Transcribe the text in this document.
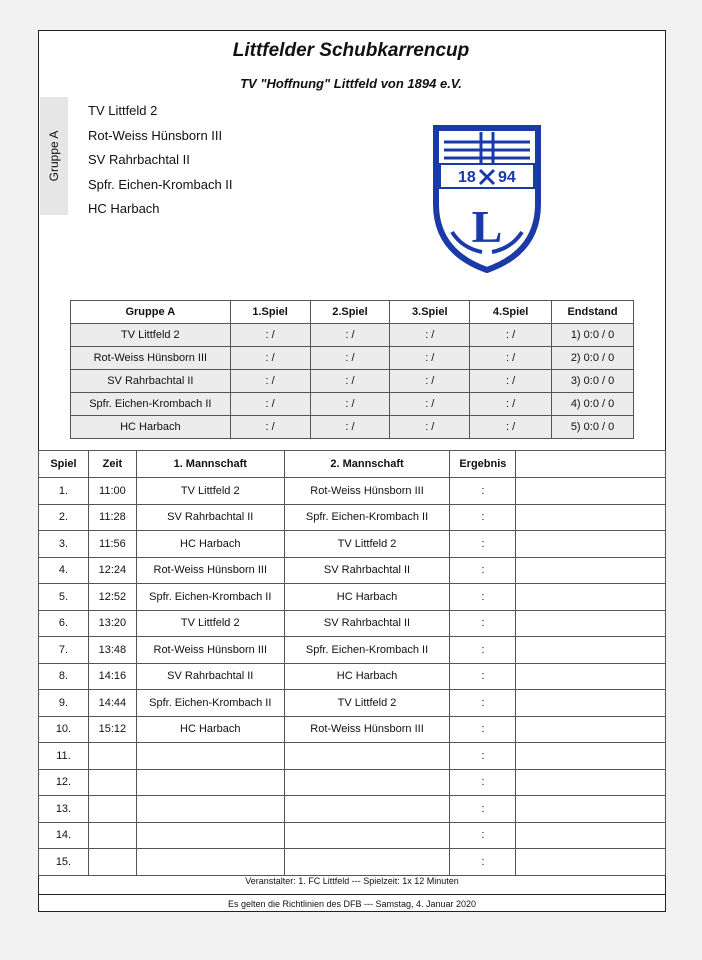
Littfelder Schubkarrencup
TV "Hoffnung" Littfeld von 1894 e.V.
Gruppe A
TV Littfeld 2
Rot-Weiss Hünsborn III
SV Rahrbachtal II
Spfr. Eichen-Krombach II
HC Harbach
18 94
L
Gruppe A	1.Spiel	2.Spiel	3.Spiel	4.Spiel	Endstand
TV Littfeld 2	: /	: /	: /	: /	1) 0:0 / 0
Rot-Weiss Hünsborn III	: /	: /	: /	: /	2) 0:0 / 0
SV Rahrbachtal II	: /	: /	: /	: /	3) 0:0 / 0
Spfr. Eichen-Krombach II	: /	: /	: /	: /	4) 0:0 / 0
HC Harbach	: /	: /	: /	: /	5) 0:0 / 0
Spiel	Zeit	1. Mannschaft	2. Mannschaft	Ergebnis	
1.	11:00	TV Littfeld 2	Rot-Weiss Hünsborn III	:	
2.	11:28	SV Rahrbachtal II	Spfr. Eichen-Krombach II	:	
3.	11:56	HC Harbach	TV Littfeld 2	:	
4.	12:24	Rot-Weiss Hünsborn III	SV Rahrbachtal II	:	
5.	12:52	Spfr. Eichen-Krombach II	HC Harbach	:	
6.	13:20	TV Littfeld 2	SV Rahrbachtal II	:	
7.	13:48	Rot-Weiss Hünsborn III	Spfr. Eichen-Krombach II	:	
8.	14:16	SV Rahrbachtal II	HC Harbach	:	
9.	14:44	Spfr. Eichen-Krombach II	TV Littfeld 2	:	
10.	15:12	HC Harbach	Rot-Weiss Hünsborn III	:	
11.				:	
12.				:	
13.				:	
14.				:	
15.				:	
Veranstalter: 1. FC Littfeld --- Spielzeit: 1x 12 Minuten
Es gelten die Richtlinien des DFB --- Samstag, 4. Januar 2020
